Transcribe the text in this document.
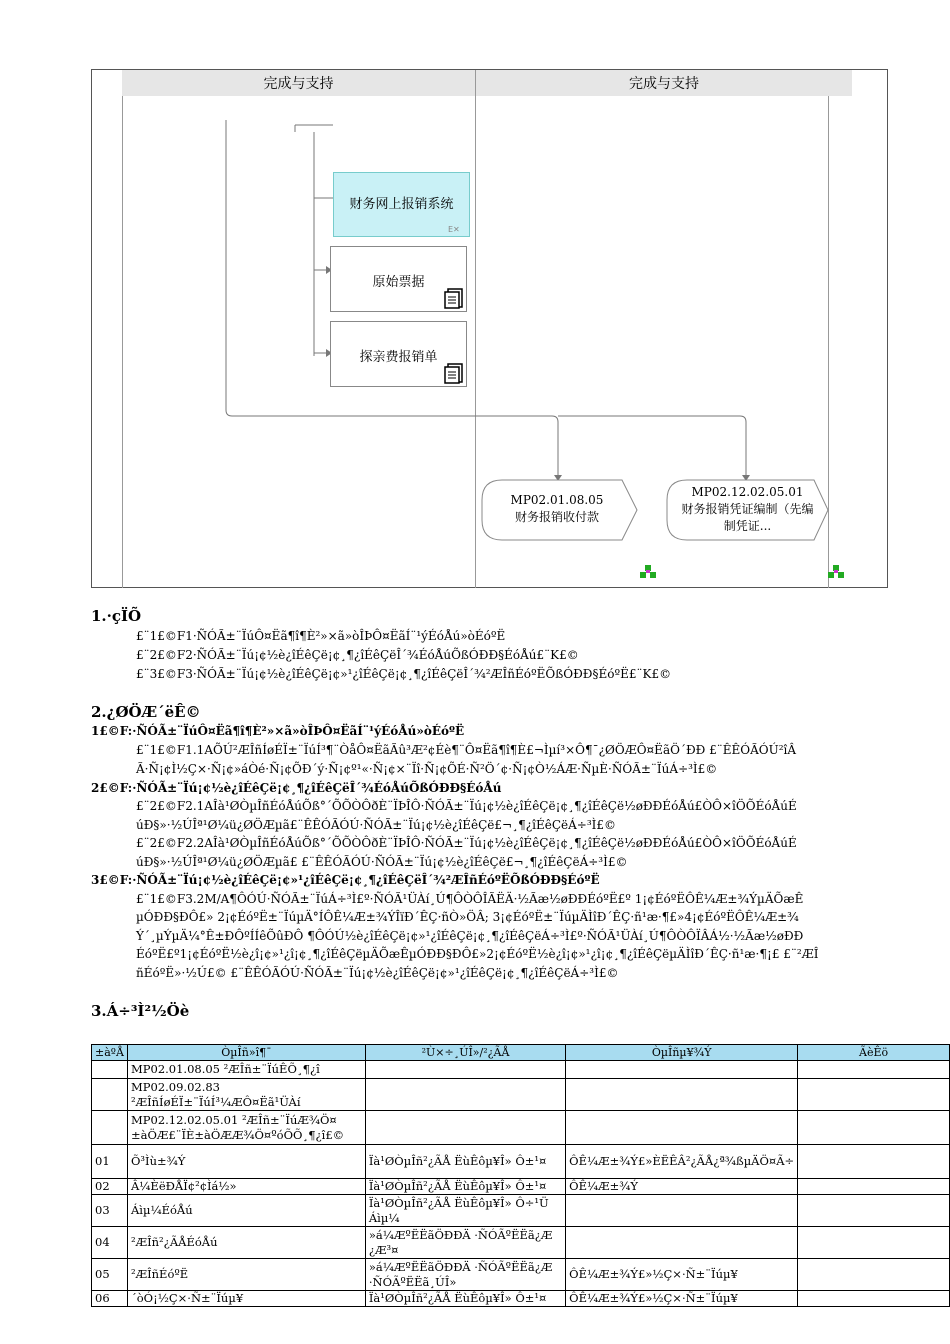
完成与支持	完成与支持
财务网上报销系统
E✕
原始票据
探亲费报销单
MP02.01.08.05
财务报销收付款
MP02.12.02.05.01
财务报销凭证编制（先编制凭证...
1.·çÏÕ
£¨1£©F1·ÑÓÃ±¨ÏúÔ¤Ëã¶î¶È²»×ã»òÎÞÔ¤ËãÍ¨¹ýÉóÅú»òÉóºË
£¨2£©F2·ÑÓÃ±¨Ïú¡¢½è¿îÉêÇë¡¢¸¶¿îÉêÇëÎ´¾ÉóÅúÕßÓÐÐ§ÉóÅú£¨K£©
£¨3£©F3·ÑÓÃ±¨Ïú¡¢½è¿îÉêÇë¡¢»¹¿îÉêÇë¡¢¸¶¿îÉêÇëÎ´¾²ÆÎñÉóºËÕßÓÐÐ§ÉóºË£¨K£©
2.¿ØÖÆ´ëÊ©
1£©F:·ÑÓÃ±¨ÏúÔ¤Ëã¶î¶È²»×ã»òÎÞÔ¤ËãÍ¨¹ýÉóÅú»òÉóºË
£¨1£©F1.1AÕÚ²ÆÎñÍøÉÏ±¨ÏúÍ³¶¨ÒåÔ¤ËãÃû³Æ²¢Éè¶¨Ô¤Ëã¶î¶È£¬Ìµí³×Ô¶¯¿ØÖÆÔ¤ËãÖ´ÐÐ £¨ÊÊÓÃÓÚ²îÂ
Ã·Ñ¡¢Ì½Ç×·Ñ¡¢»áÒé·Ñ¡¢ÕÐ´ý·Ñ¡¢º¹«·Ñ¡¢×¨Ïî·Ñ¡¢ÕÉ·Ñ²Ö´¢·Ñ¡¢Ò½ÁÆ·ÑµÈ·ÑÓÃ±¨ÏúÁ÷³Ì£©
2£©F:·ÑÓÃ±¨Ïú¡¢½è¿îÉêÇë¡¢¸¶¿îÉêÇëÎ´¾ÉóÅúÕßÓÐÐ§ÉóÅú
£¨2£©F2.1AÎà¹ØÒµÎñÉóÅúÕß°´ÕÕÒÔðÈ¨ÏÞÎÔ·ÑÓÃ±¨Ïú¡¢½è¿îÉêÇë¡¢¸¶¿îÉêÇë½øÐÐÉóÅú£ÒÔ×îÖÕÉóÅúÉ
úÐ§»·½ÚÎª¹Ø¼ü¿ØÖÆµã£¨ÊÊÓÃÓÚ·ÑÓÃ±¨Ïú¡¢½è¿îÉêÇë£¬¸¶¿îÉêÇëÁ÷³Ì£©
£¨2£©F2.2AÎà¹ØÒµÎñÉóÅúÕß°´ÕÕÒÔðÈ¨ÏÞÎÔ·ÑÓÃ±¨Ïú¡¢½è¿îÉêÇë¡¢¸¶¿îÉêÇë½øÐÐÉóÅú£ÒÔ×îÖÕÉóÅúÉ
úÐ§»·½ÚÎª¹Ø¼ü¿ØÖÆµã£ £¨ÊÊÓÃÓÚ·ÑÓÃ±¨Ïú¡¢½è¿îÉêÇë£¬¸¶¿îÉêÇëÁ÷³Ì£©
3£©F:·ÑÓÃ±¨Ïú¡¢½è¿îÉêÇë¡¢»¹¿îÉêÇë¡¢¸¶¿îÉêÇëÎ´¾²ÆÎñÉóºËÕßÓÐÐ§ÉóºË
£¨1£©F3.2M/A¶ÔÓÚ·ÑÓÃ±¨ÏúÁ÷³Ì£º·ÑÓÃ¹ÜÀí¸Ú¶ÔÒÔÎÃËÄ·½Ãæ½øÐÐÉóºË£º 1¡¢ÉóºËÔÊ¼Æ±¾ÝµÄÕæÊ
µÓÐÐ§ÐÔ£» 2¡¢ÉóºË±¨ÏúµÄ°ÍÔÊ¼Æ±¾ÝÎïÐ´ÊÇ·ñÒ»ÖÂ; 3¡¢ÉóºË±¨ÏúµÄÌîÐ´ÊÇ·ñ¹æ·¶£»4¡¢ÉóºËÔÊ¼Æ±¾
Ý´¸µÝµÄ¼°Ê±ÐÔºÍÍêÕûÐÔ ¶ÔÓÚ½è¿îÉêÇë¡¢»¹¿îÉêÇë¡¢¸¶¿îÉêÇëÁ÷³Ì£º·ÑÓÃ¹ÜÀí¸Ú¶ÔÒÔÏÂÁ½·½Ãæ½øÐÐ
ÉóºË£º1¡¢ÉóºË½è¿î¡¢»¹¿î¡¢¸¶¿îÉêÇëµÄÕæÊµÓÐÐ§ÐÔ£»2¡¢ÉóºË½è¿î¡¢»¹¿î¡¢¸¶¿îÉêÇëµÄÌîÐ´ÊÇ·ñ¹æ·¶¡£ £¨²ÆÎ
ñÉóºË»·½Ú£© £¨ÊÊÓÃÓÚ·ÑÓÃ±¨Ïú¡¢½è¿îÉêÇë¡¢»¹¿îÉêÇë¡¢¸¶¿îÉêÇëÁ÷³Ì£©
3.Á÷³Ì²½Öè
±àºÅ	ÒµÎñ»î¶¯	²Ù×÷¸ÚÎ»/²¿ÃÅ	ÒµÎñµ¥¾Ý	ÃèÊö
	MP02.01.08.05 ²ÆÎñ±¨ÏúÊÕ¸¶¿î			
	MP02.09.02.83 ²ÆÎñÍøÉÏ±¨ÏúÍ³¼ÆÔ¤Ëã¹ÜÀí			
	MP02.12.02.05.01 ²ÆÎñ±¨ÏúÆ¾Ö¤±àÖÆ£¨ÏÈ±àÖÆÆ¾Ö¤ºóÕÕ¸¶¿î£©			
01	Õ³Ìù±¾Ý	Ïà¹ØÒµÎñ²¿ÃÅ ËùÊôµ¥Î» Ô±¹¤	ÔÊ¼Æ±¾Ý£»ÈËÊÂ²¿ÃÅ¿ª¾ßµÄÖ¤Ã÷	
02	Â¼ÈëÐÅÏ¢²¢Ìá½»	Ïà¹ØÒµÎñ²¿ÃÅ ËùÊôµ¥Î» Ô±¹¤	ÔÊ¼Æ±¾Ý	
03	Áìµ¼ÉóÅú	Ïà¹ØÒµÎñ²¿ÃÅ ËùÊôµ¥Î» Ô÷¹Ü Áìµ¼		
04	²ÆÎñ²¿ÃÅÉóÅú	»á¼ÆºËËãÖÐÐÄ ·ÑÓÃºËËã¿Æ ¿Æ³¤		
05	²ÆÎñÉóºË	»á¼ÆºËËãÖÐÐÄ ·ÑÓÃºËËã¿Æ ·ÑÓÃºËËã¸ÚÎ»	ÔÊ¼Æ±¾Ý£»½Ç×·Ñ±¨Ïúµ¥	
06	´òÓ¡½Ç×·Ñ±¨Ïúµ¥	Ïà¹ØÒµÎñ²¿ÃÅ ËùÊôµ¥Î» Ô±¹¤	ÔÊ¼Æ±¾Ý£»½Ç×·Ñ±¨Ïúµ¥	
